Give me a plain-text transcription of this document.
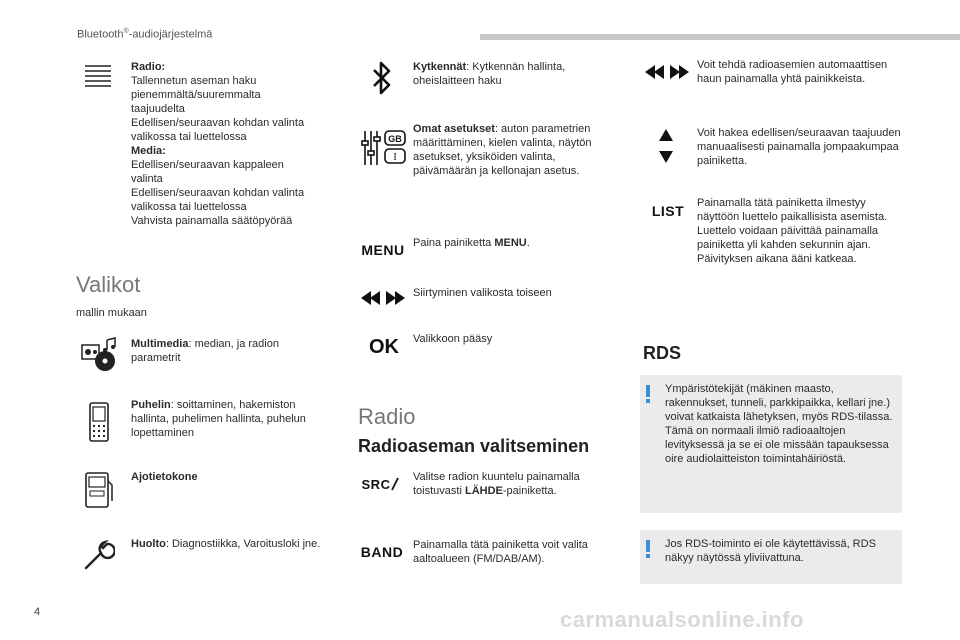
Bluetooth®-audiojärjestelmä
Radio:
Tallennetun aseman haku
pienemmältä/suuremmalta
taajuudelta
Edellisen/seuraavan kohdan valinta
valikossa tai luettelossa
Media:
Edellisen/seuraavan kappaleen
valinta
Edellisen/seuraavan kohdan valinta
valikossa tai luettelossa
Vahvista painamalla säätöpyörää
Valikot
mallin mukaan
Multimedia: median, ja radion parametrit
Puhelin: soittaminen, hakemiston hallinta, puhelimen hallinta, puhelun lopettaminen
Ajotietokone
Huolto: Diagnostiikka, Varoitusloki jne.
Kytkennät: Kytkennän hallinta, oheislaitteen haku
GB
I
Omat asetukset: auton parametrien määrittäminen, kielen valinta, näytön asetukset, yksiköiden valinta, päivämäärän ja kellonajan asetus.
MENU Paina painiketta MENU.
Siirtyminen valikosta toiseen
OK	Valikkoon pääsy
Radio
Radioaseman valitseminen
SRC Valitse radion kuuntelu painamalla toistuvasti LÄHDE-painiketta.
BAND Painamalla tätä painiketta voit valita aaltoalueen (FM/DAB/AM).
Voit tehdä radioasemien automaattisen haun painamalla yhtä painikkeista.
Voit hakea edellisen/seuraavan taajuuden manuaalisesti painamalla jompaakumpaa painiketta.
LIST	Painamalla tätä painiketta ilmestyy näyttöön luettelo paikallisista asemista. Luettelo voidaan päivittää painamalla painiketta yli kahden sekunnin ajan. Päivityksen aikana ääni katkeaa.
RDS
Ympäristötekijät (mäkinen maasto, rakennukset, tunneli, parkkipaikka, kellari jne.) voivat katkaista lähetyksen, myös RDS-tilassa. Tämä on normaali ilmiö radioaaltojen levityksessä ja se ei ole missään tapauksessa oire audiolaitteiston toimintahäiriöstä.
Jos RDS-toiminto ei ole käytettävissä, RDS näkyy näytössä yliviivattuna.
4	carmanualsonline.info
